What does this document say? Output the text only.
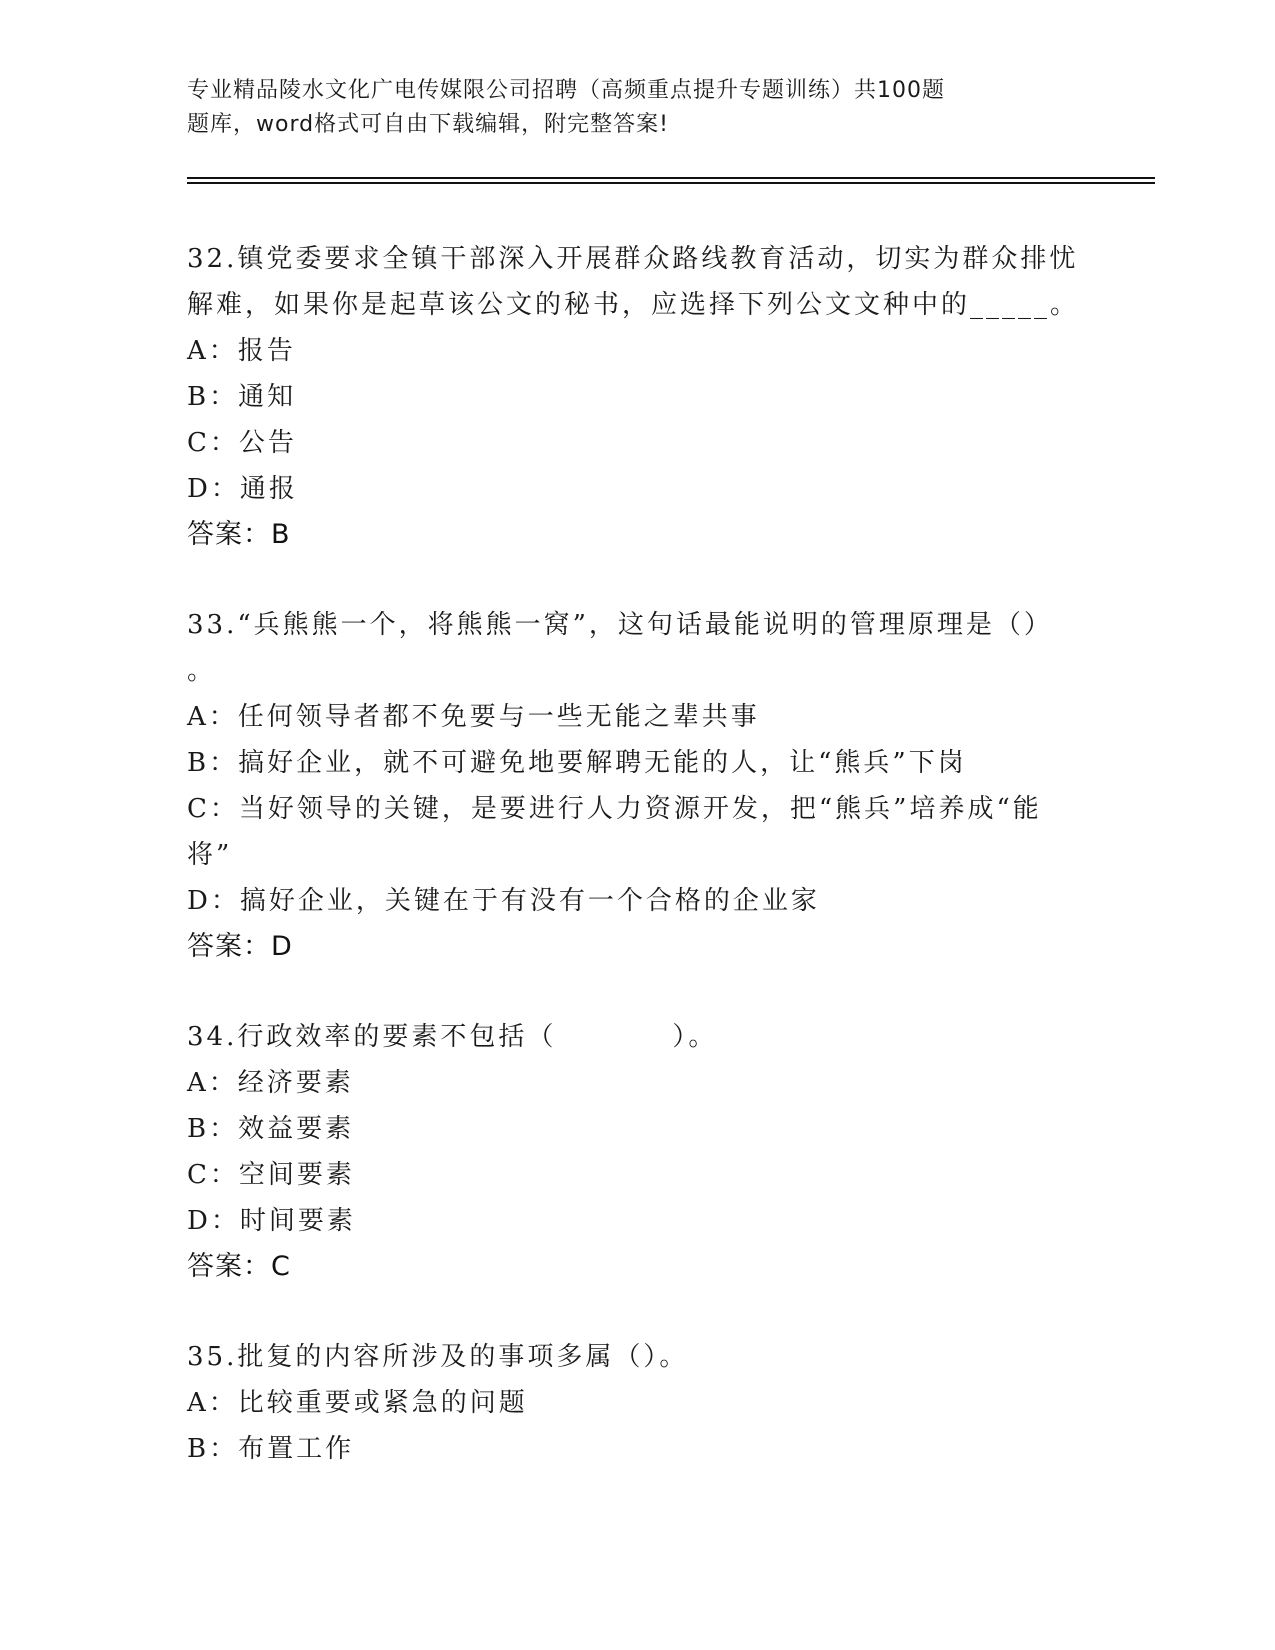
专业精品陵水文化广电传媒限公司招聘（高频重点提升专题训练）共100题
题库，word格式可自由下载编辑，附完整答案!
32.镇党委要求全镇干部深入开展群众路线教育活动，切实为群众排忧
解难，如果你是起草该公文的秘书，应选择下列公文文种中的_____。
A：报告
B：通知
C：公告
D：通报
答案：B
33.“兵熊熊一个，将熊熊一窝”，这句话最能说明的管理原理是（）
。
A：任何领导者都不免要与一些无能之辈共事
B：搞好企业，就不可避免地要解聘无能的人，让“熊兵”下岗
C：当好领导的关键，是要进行人力资源开发，把“熊兵”培养成“能
将”
D：搞好企业，关键在于有没有一个合格的企业家
答案：D
34.行政效率的要素不包括（　　　　）。
A：经济要素
B：效益要素
C：空间要素
D：时间要素
答案：C
35.批复的内容所涉及的事项多属（）。
A：比较重要或紧急的问题
B：布置工作
